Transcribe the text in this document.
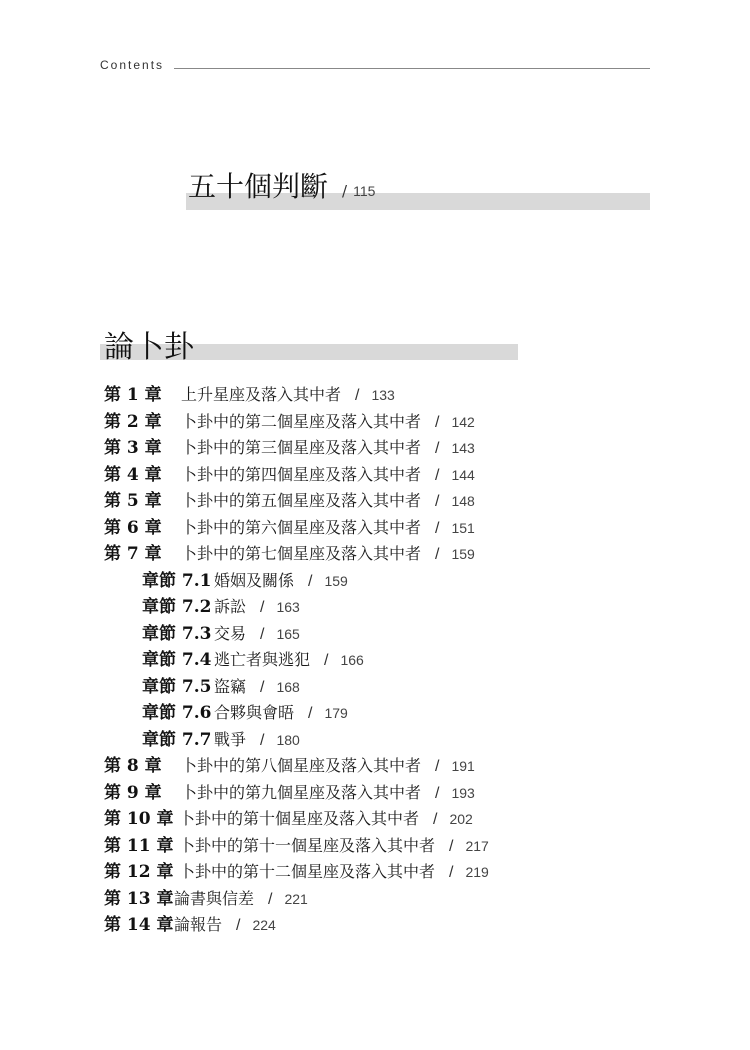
Contents
五十個判斷 / 115
論卜卦
第 1 章 上升星座及落入其中者 / 133
第 2 章 卜卦中的第二個星座及落入其中者 / 142
第 3 章 卜卦中的第三個星座及落入其中者 / 143
第 4 章 卜卦中的第四個星座及落入其中者 / 144
第 5 章 卜卦中的第五個星座及落入其中者 / 148
第 6 章 卜卦中的第六個星座及落入其中者 / 151
第 7 章 卜卦中的第七個星座及落入其中者 / 159
章節 7.1 婚姻及關係 / 159
章節 7.2 訴訟 / 163
章節 7.3 交易 / 165
章節 7.4 逃亡者與逃犯 / 166
章節 7.5 盜竊 / 168
章節 7.6 合夥與會晤 / 179
章節 7.7 戰爭 / 180
第 8 章 卜卦中的第八個星座及落入其中者 / 191
第 9 章 卜卦中的第九個星座及落入其中者 / 193
第 10 章 卜卦中的第十個星座及落入其中者 / 202
第 11 章 卜卦中的第十一個星座及落入其中者 / 217
第 12 章 卜卦中的第十二個星座及落入其中者 / 219
第 13 章論書與信差 / 221
第 14 章論報告 / 224
